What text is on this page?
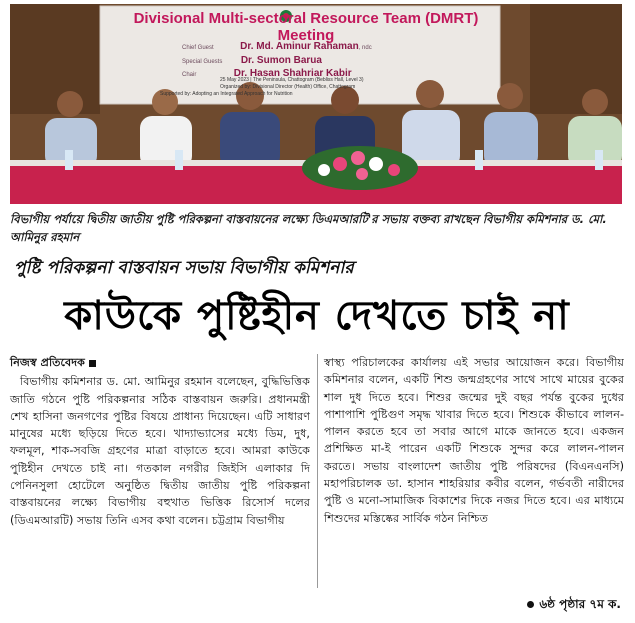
Divisional Multi-sectoral Resource Team (DMRT) Meeting
Chief Guest	Dr. Md. Aminur Rahaman, ndc
Special Guests Dr. Sumon Barua
Chair	Dr. Hasan Shahriar Kabir
25 May 2023 | The Peninsula, Chattogram (Bebliss Hall, Level 3)
Organized by: Divisional Director (Health) Office, Chattogram
Supported by: Adopting an Integrated Approach for Nutrition
বিভাগীয় পর্যায়ে দ্বিতীয় জাতীয় পুষ্টি পরিকল্পনা বাস্তবায়নের লক্ষ্যে ডিএমআরটি'র সভায় বক্তব্য রাখছেন বিভাগীয় কমিশনার ড. মো. আমিনুর রহমান
পুষ্টি পরিকল্পনা বাস্তবায়ন সভায় বিভাগীয় কমিশনার
কাউকে পুষ্টিহীন দেখতে চাই না
নিজস্ব প্রতিবেদক
বিভাগীয় কমিশনার ড. মো. আমিনুর রহমান বলেছেন, বুদ্ধিভিত্তিক জাতি গঠনে পুষ্টি পরিকল্পনার সঠিক বাস্তবায়ন জরুরি। প্রধানমন্ত্রী শেখ হাসিনা জনগণের পুষ্টির বিষয়ে প্রাধান্য দিয়েছেন। এটি সাধারণ মানুষের মধ্যে ছড়িয়ে দিতে হবে। খাদ্যাভ্যাসের মধ্যে ডিম, দুধ, ফলমূল, শাক-সবজি গ্রহণের মাত্রা বাড়াতে হবে। আমরা কাউকে পুষ্টিহীন দেখতে চাই না। গতকাল নগরীর জিইসি এলাকার দি পেনিনসুলা হোটেলে অনুষ্ঠিত দ্বিতীয় জাতীয় পুষ্টি পরিকল্পনা বাস্তবায়নের লক্ষ্যে বিভাগীয় বহুখাত ভিত্তিক রিসোর্স দলের (ডিএমআরটি) সভায় তিনি এসব কথা বলেন। চট্টগ্রাম বিভাগীয়
স্বাস্থ্য পরিচালকের কার্যালয় এই সভার আয়োজন করে। বিভাগীয় কমিশনার বলেন, একটি শিশু জন্মগ্রহণের সাথে সাথে মায়ের বুকের শাল দুধ দিতে হবে। শিশুর জন্মের দুই বছর পর্যন্ত বুকের দুধের পাশাপাশি পুষ্টিগুণ সমৃদ্ধ খাবার দিতে হবে। শিশুকে কীভাবে লালন-পালন করতে হবে তা সবার আগে মাকে জানতে হবে। একজন প্রশিক্ষিত মা-ই পারেন একটি শিশুকে সুন্দর করে লালন-পালন করতে। সভায় বাংলাদেশ জাতীয় পুষ্টি পরিষদের (বিএনএনসি) মহাপরিচালক ডা. হাসান শাহরিয়ার কবীর বলেন, গর্ভবতী নারীদের পুষ্টি ও মনো-সামাজিক বিকাশের দিকে নজর দিতে হবে। এর মাধ্যমে শিশুদের মস্তিষ্কের সার্বিক গঠন নিশ্চিত
৬ষ্ঠ পৃষ্ঠার ৭ম ক.
